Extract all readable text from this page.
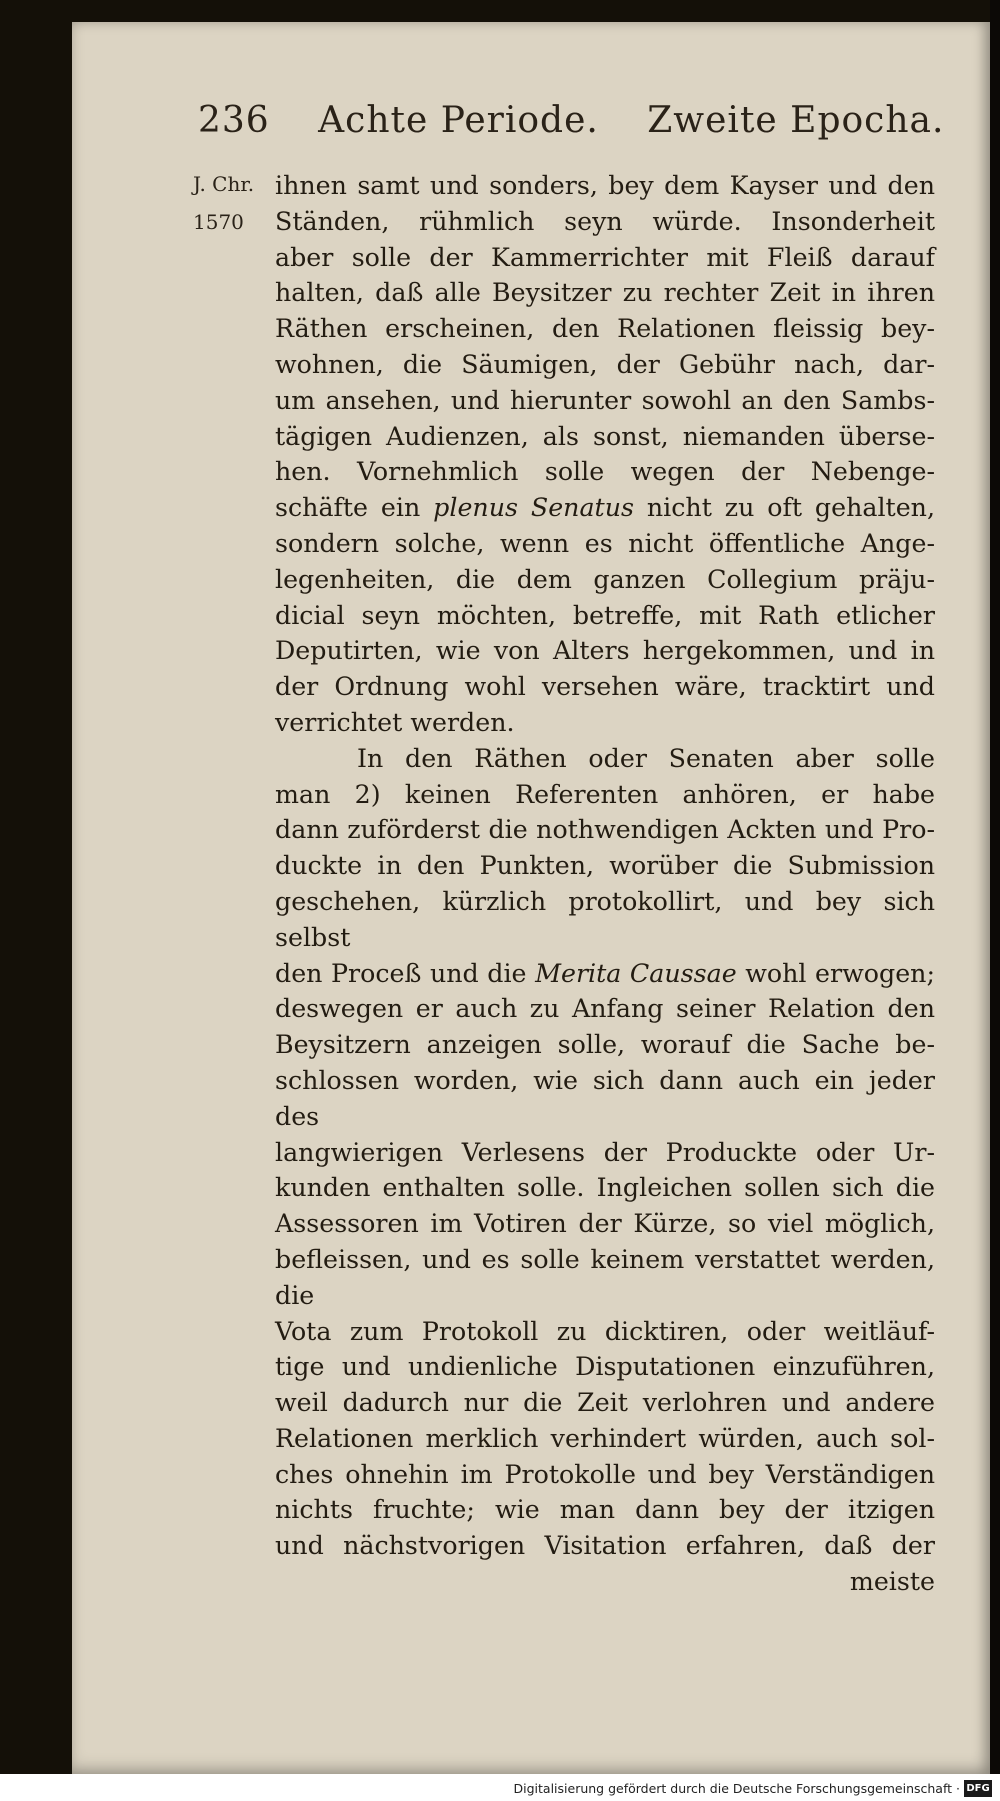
236 Achte Periode. Zweite Epocha.
J. Chr.
1570
ihnen samt und sonders, bey dem Kayser und den
Ständen, rühmlich seyn würde. Insonderheit
aber solle der Kammerrichter mit Fleiß darauf
halten, daß alle Beysitzer zu rechter Zeit in ihren
Räthen erscheinen, den Relationen fleissig bey-
wohnen, die Säumigen, der Gebühr nach, dar-
um ansehen, und hierunter sowohl an den Sambs-
tägigen Audienzen, als sonst, niemanden überse-
hen. Vornehmlich solle wegen der Nebenge-
schäfte ein plenus Senatus nicht zu oft gehalten,
sondern solche, wenn es nicht öffentliche Ange-
legenheiten, die dem ganzen Collegium präju-
dicial seyn möchten, betreffe, mit Rath etlicher
Deputirten, wie von Alters hergekommen, und in
der Ordnung wohl versehen wäre, tracktirt und
verrichtet werden.
In den Räthen oder Senaten aber solle
man 2) keinen Referenten anhören, er habe
dann zuförderst die nothwendigen Ackten und Pro-
duckte in den Punkten, worüber die Submission
geschehen, kürzlich protokollirt, und bey sich selbst
den Proceß und die Merita Caussae wohl erwogen;
deswegen er auch zu Anfang seiner Relation den
Beysitzern anzeigen solle, worauf die Sache be-
schlossen worden, wie sich dann auch ein jeder des
langwierigen Verlesens der Produckte oder Ur-
kunden enthalten solle. Ingleichen sollen sich die
Assessoren im Votiren der Kürze, so viel möglich,
befleissen, und es solle keinem verstattet werden, die
Vota zum Protokoll zu dicktiren, oder weitläuf-
tige und undienliche Disputationen einzuführen,
weil dadurch nur die Zeit verlohren und andere
Relationen merklich verhindert würden, auch sol-
ches ohnehin im Protokolle und bey Verständigen
nichts fruchte; wie man dann bey der itzigen
und nächstvorigen Visitation erfahren, daß der
meiste
Digitalisierung gefördert durch die Deutsche Forschungsgemeinschaft · DFG
